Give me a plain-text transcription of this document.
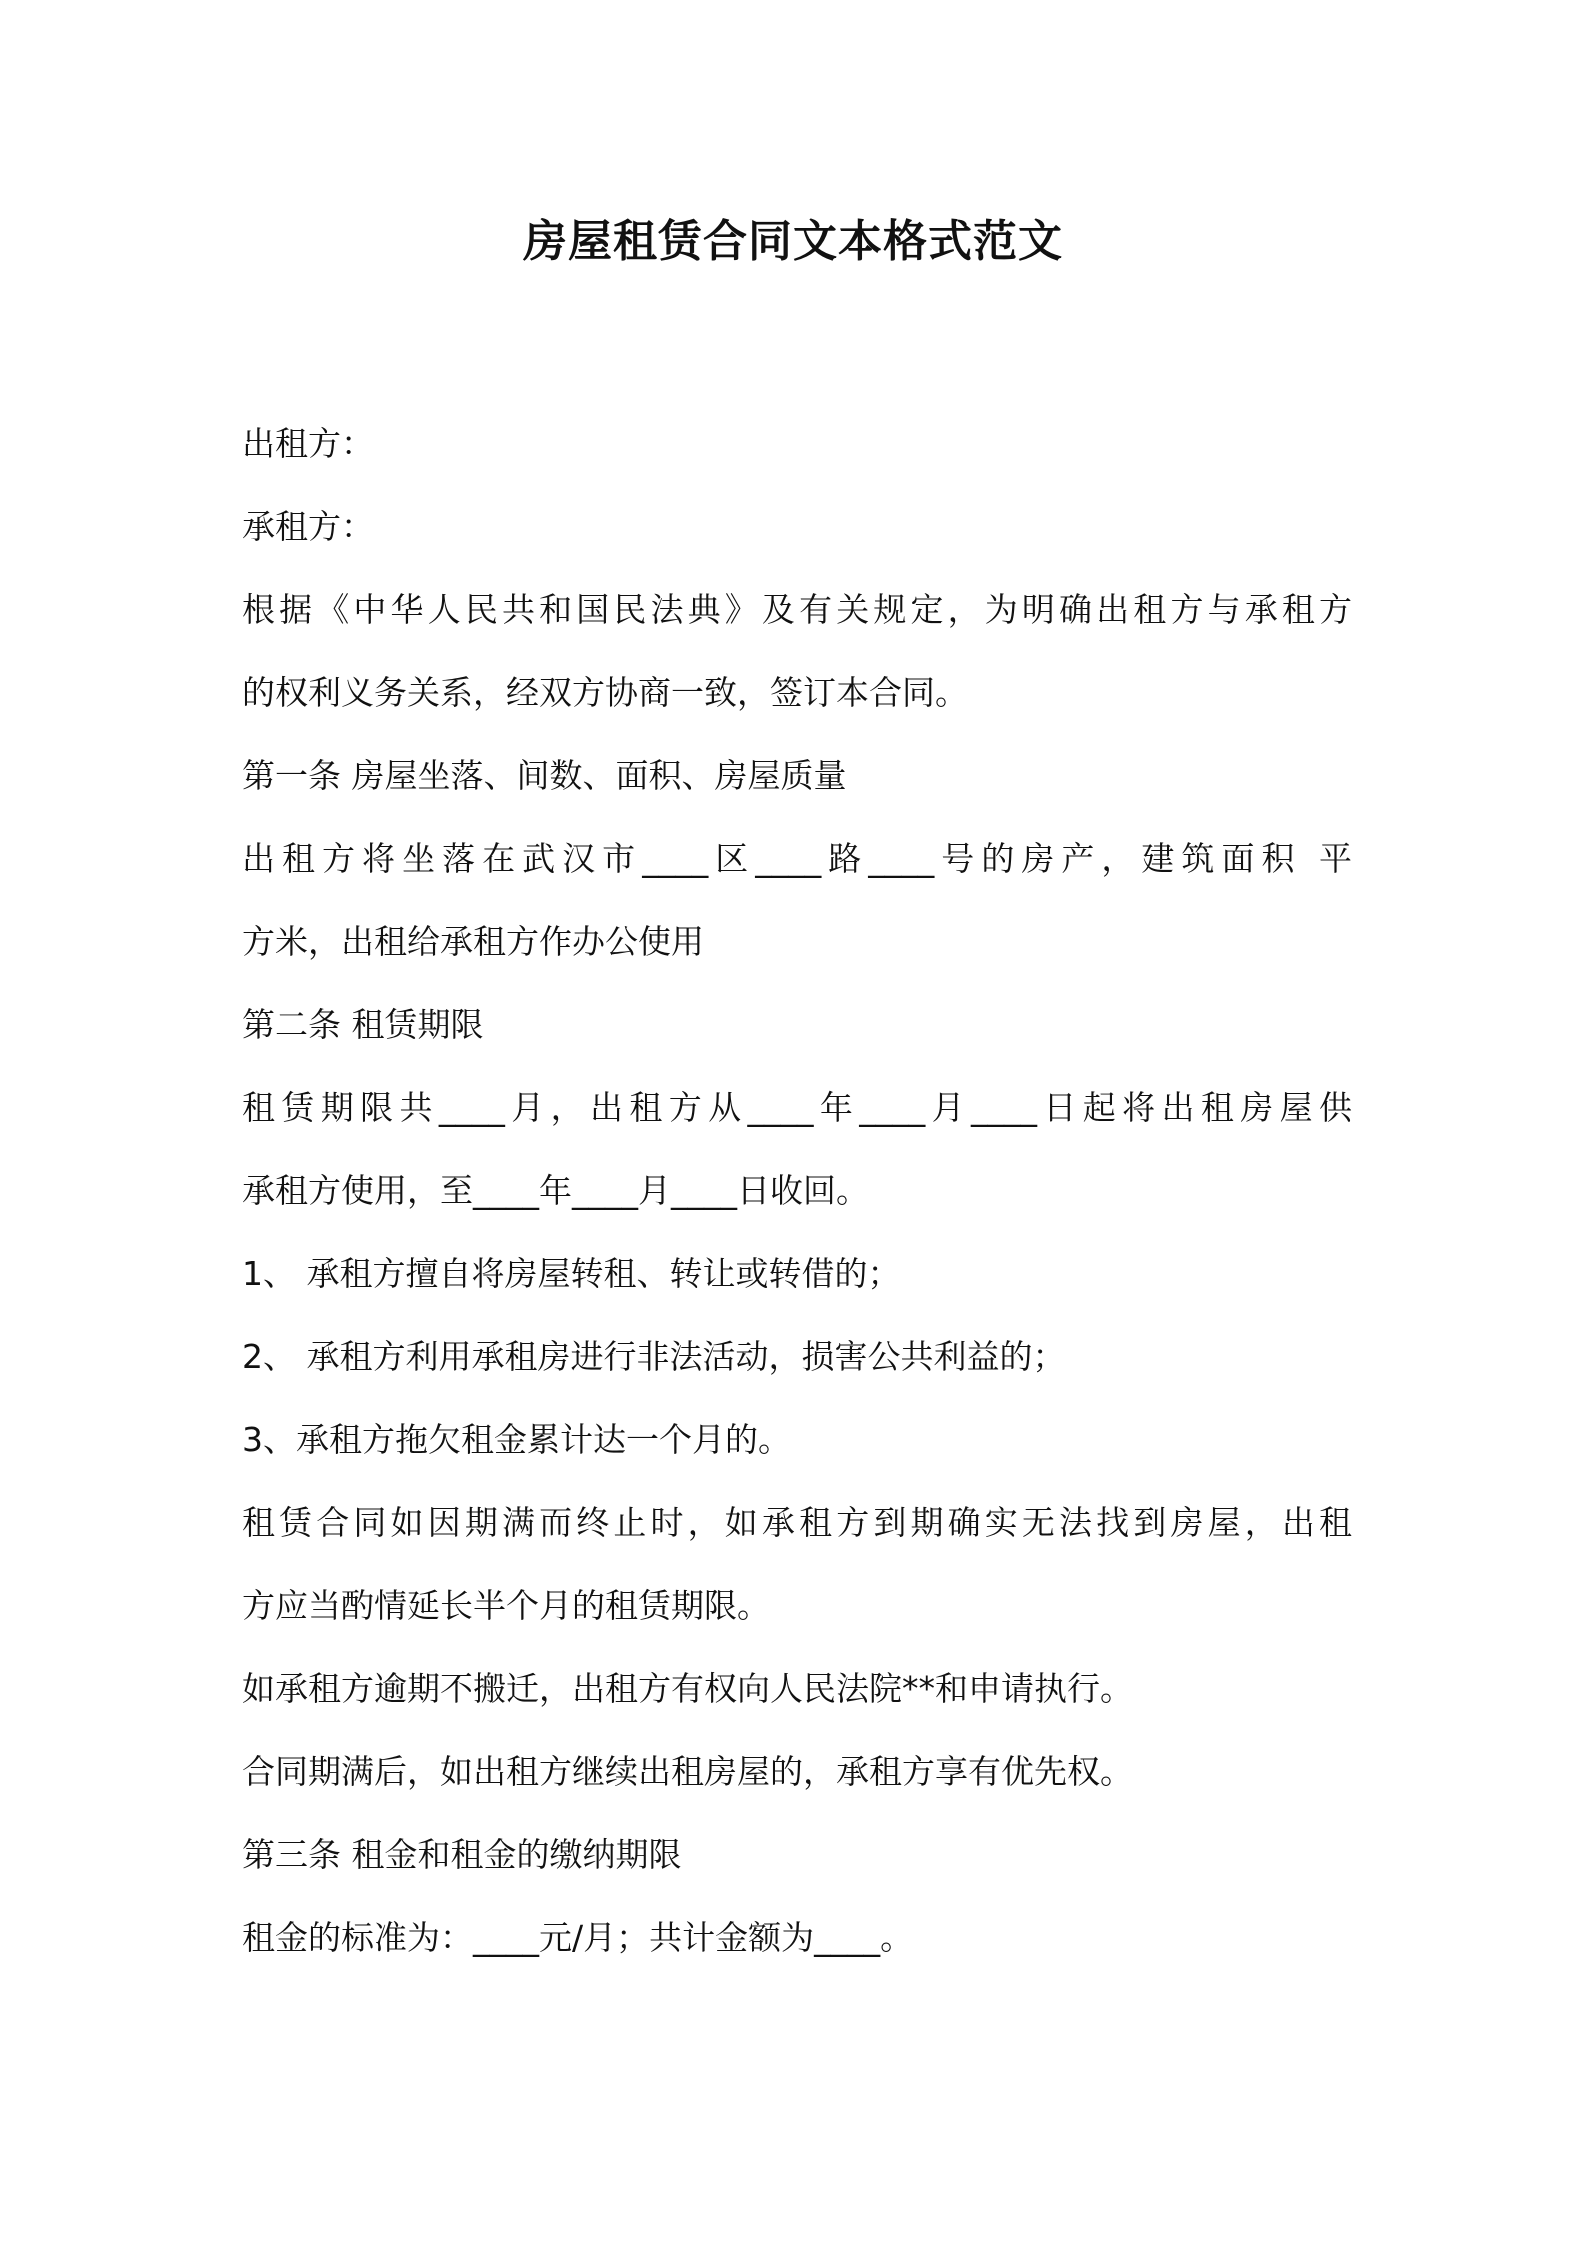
房屋租赁合同文本格式范文
出租方：
承租方：
根据《中华人民共和国民法典》及有关规定，为明确出租方与承租方
的权利义务关系，经双方协商一致，签订本合同。
第一条 房屋坐落、间数、面积、房屋质量
出租方将坐落在武汉市____区____路____号的房产，建筑面积 平
方米，出租给承租方作办公使用
第二条 租赁期限
租赁期限共____月，出租方从____年____月____日起将出租房屋供
承租方使用，至____年____月____日收回。
1、 承租方擅自将房屋转租、转让或转借的；
2、 承租方利用承租房进行非法活动，损害公共利益的；
3、承租方拖欠租金累计达一个月的。
租赁合同如因期满而终止时，如承租方到期确实无法找到房屋，出租
方应当酌情延长半个月的租赁期限。
如承租方逾期不搬迁，出租方有权向人民法院**和申请执行。
合同期满后，如出租方继续出租房屋的，承租方享有优先权。
第三条 租金和租金的缴纳期限
租金的标准为：____元/月；共计金额为____。
